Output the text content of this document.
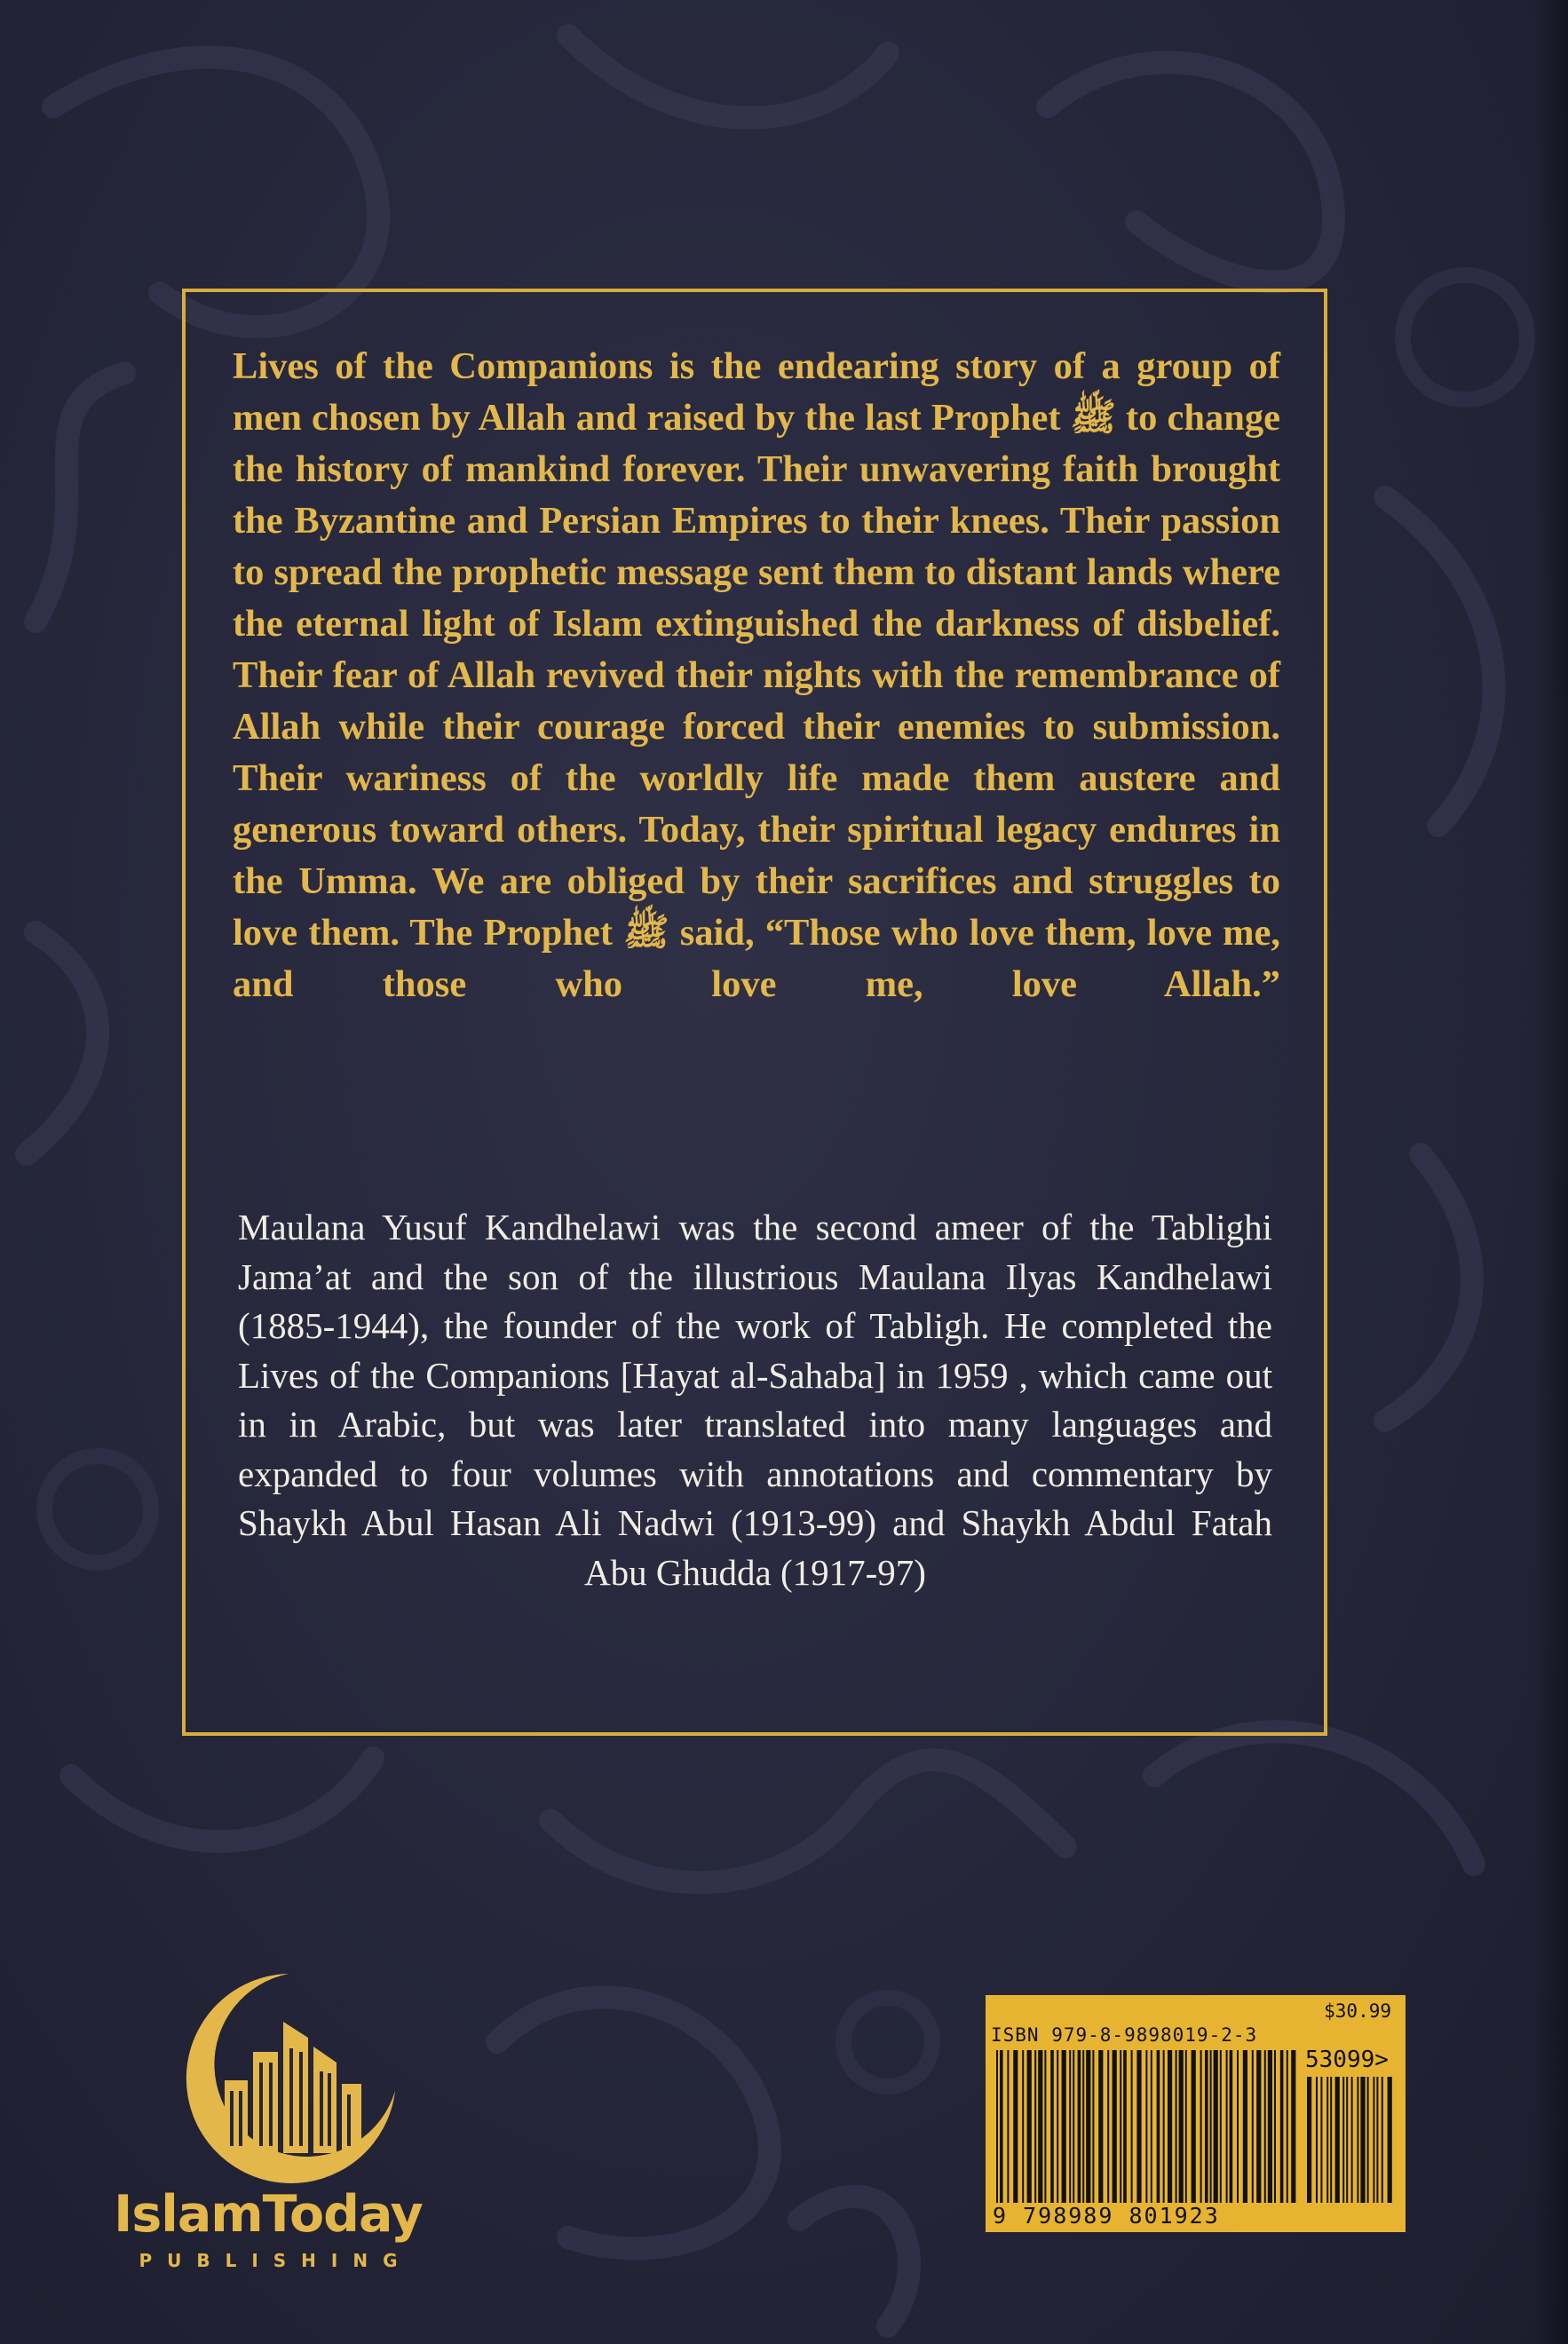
Lives of the Companions is the endearing story of a group of men chosen by Allah and raised by the last Prophet ﷺ to change the history of mankind forever. Their unwavering faith brought the Byzantine and Persian Empires to their knees. Their passion to spread the prophetic message sent them to distant lands where the eternal light of Islam extinguished the darkness of disbelief. Their fear of Allah revived their nights with the remembrance of Allah while their courage forced their enemies to submission. Their wariness of the worldly life made them austere and generous toward others. Today, their spiritual legacy endures in the Umma. We are obliged by their sacrifices and struggles to love them. The Prophet ﷺ said, “Those who love them, love me, and those who love me, love Allah.”

Maulana Yusuf Kandhelawi was the second ameer of the Tablighi Jama’at and the son of the illustrious Maulana Ilyas Kandhelawi (1885-1944), the founder of the work of Tabligh. He completed the Lives of the Companions [Hayat al-Sahaba] in 1959 , which came out in in Arabic, but was later translated into many languages and expanded to four volumes with annotations and commentary by Shaykh Abul Hasan Ali Nadwi (1913-99) and Shaykh Abdul Fatah Abu Ghudda (1917-97)

IslamToday
PUBLISHING
$30.99
ISBN 979-8-9898019-2-3
53099>
9 798989 801923
